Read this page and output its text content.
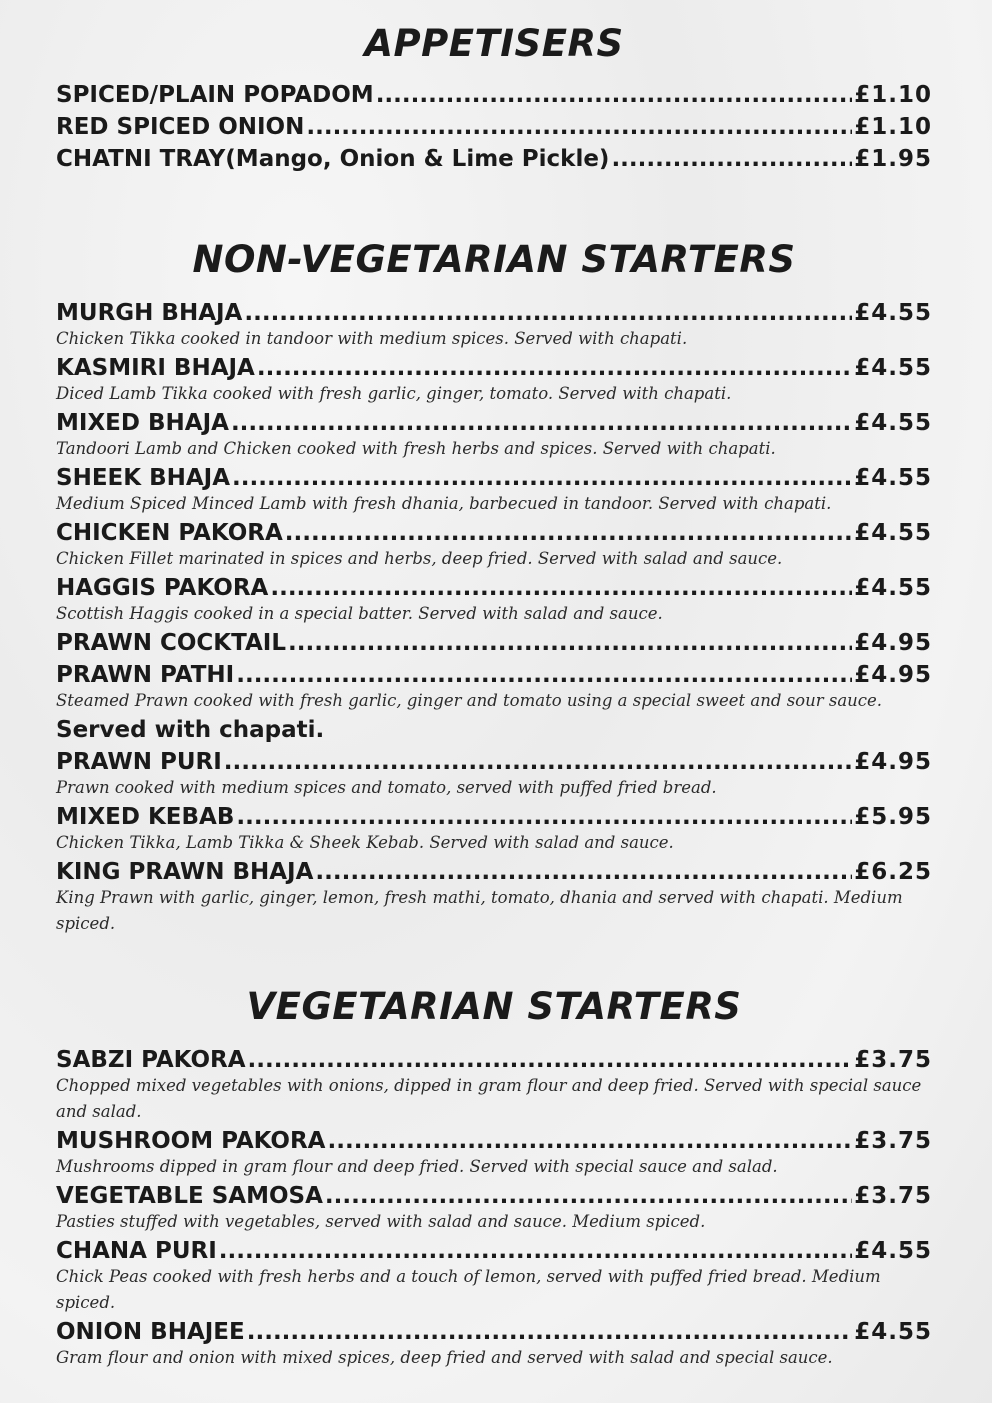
APPETISERS
SPICED/PLAIN POPADOM .....	£1.10
RED SPICED ONION .....	£1.10
CHATNI TRAY(Mango, Onion & Lime Pickle) .....	£1.95
NON-VEGETARIAN STARTERS
MURGH BHAJA .....	£4.55
Chicken Tikka cooked in tandoor with medium spices. Served with chapati.
KASMIRI BHAJA .....	£4.55
Diced Lamb Tikka cooked with fresh garlic, ginger, tomato. Served with chapati.
MIXED BHAJA .....	£4.55
Tandoori Lamb and Chicken cooked with fresh herbs and spices. Served with chapati.
SHEEK BHAJA .....	£4.55
Medium Spiced Minced Lamb with fresh dhania, barbecued in tandoor. Served with chapati.
CHICKEN PAKORA .....	£4.55
Chicken Fillet marinated in spices and herbs, deep fried. Served with salad and sauce.
HAGGIS PAKORA .....	£4.55
Scottish Haggis cooked in a special batter. Served with salad and sauce.
PRAWN COCKTAIL .....	£4.95
PRAWN PATHI .....	£4.95
Steamed Prawn cooked with fresh garlic, ginger and tomato using a special sweet and sour sauce.
Served with chapati.
PRAWN PURI .....	£4.95
Prawn cooked with medium spices and tomato, served with puffed fried bread.
MIXED KEBAB .....	£5.95
Chicken Tikka, Lamb Tikka & Sheek Kebab. Served with salad and sauce.
KING PRAWN BHAJA .....	£6.25
King Prawn with garlic, ginger, lemon, fresh mathi, tomato, dhania and served with chapati. Medium spiced.
VEGETARIAN STARTERS
SABZI PAKORA .....	£3.75
Chopped mixed vegetables with onions, dipped in gram flour and deep fried. Served with special sauce and salad.
MUSHROOM PAKORA .....	£3.75
Mushrooms dipped in gram flour and deep fried. Served with special sauce and salad.
VEGETABLE SAMOSA .....	£3.75
Pasties stuffed with vegetables, served with salad and sauce. Medium spiced.
CHANA PURI .....	£4.55
Chick Peas cooked with fresh herbs and a touch of lemon, served with puffed fried bread. Medium spiced.
ONION BHAJEE .....	£4.55
Gram flour and onion with mixed spices, deep fried and served with salad and special sauce.
